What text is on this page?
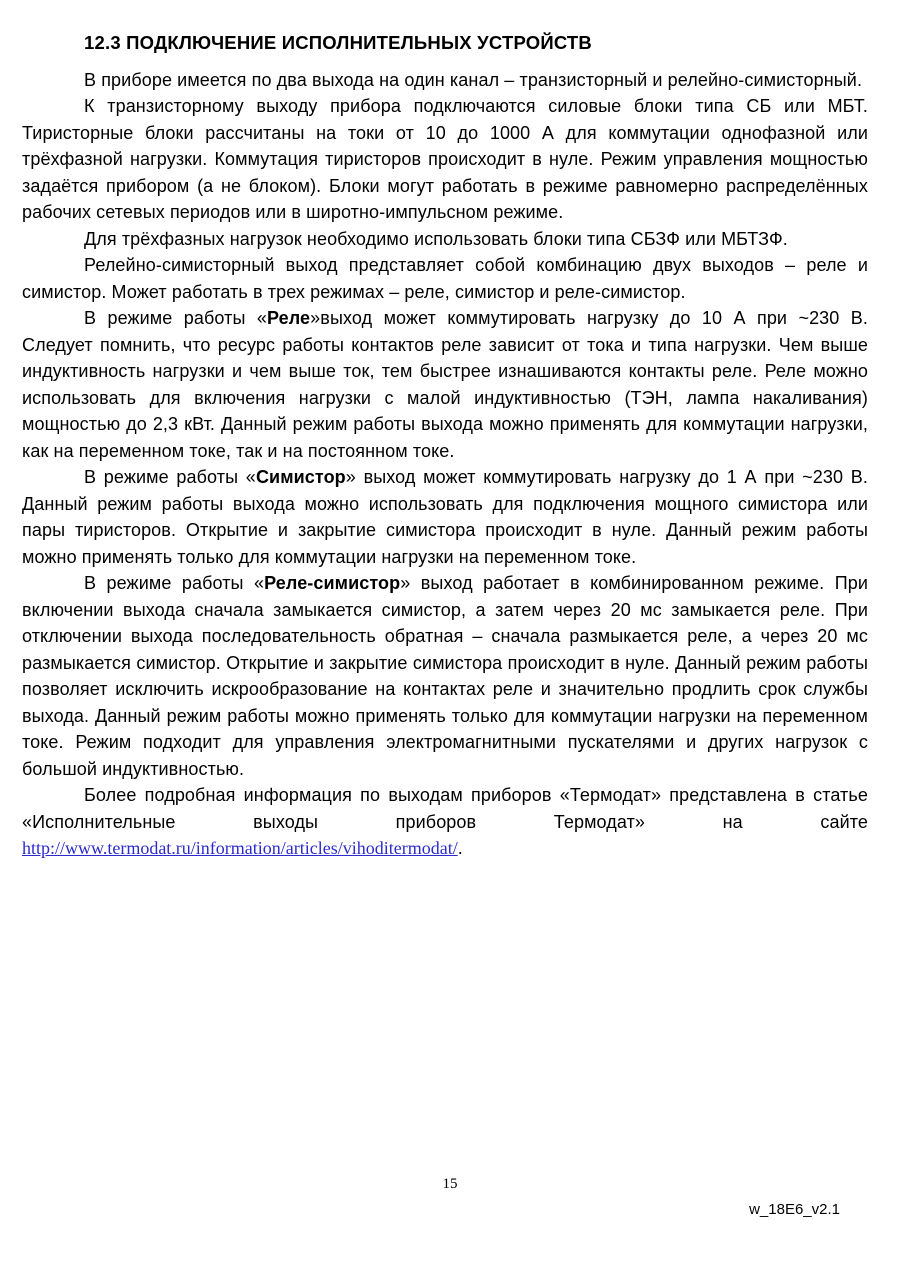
12.3 ПОДКЛЮЧЕНИЕ ИСПОЛНИТЕЛЬНЫХ УСТРОЙСТВ

В приборе имеется по два выхода на один канал – транзисторный и релейно-симисторный.

К транзисторному выходу прибора подключаются силовые блоки типа СБ или МБТ. Тиристорные блоки рассчитаны на токи от 10 до 1000 А для коммутации однофазной или трёхфазной нагрузки. Коммутация тиристоров происходит в нуле. Режим управления мощностью задаётся прибором (а не блоком). Блоки могут работать в режиме равномерно распределённых рабочих сетевых периодов или в широтно-импульсном режиме.

Для трёхфазных нагрузок необходимо использовать блоки типа СБЗФ или МБТЗФ.

Релейно-симисторный выход представляет собой комбинацию двух выходов – реле и симистор. Может работать в трех режимах – реле, симистор и реле-симистор.

В режиме работы «Реле»выход может коммутировать нагрузку до 10 А при ~230 В. Следует помнить, что ресурс работы контактов реле зависит от тока и типа нагрузки. Чем выше индуктивность нагрузки и чем выше ток, тем быстрее изнашиваются контакты реле. Реле можно использовать для включения нагрузки с малой индуктивностью (ТЭН, лампа накаливания) мощностью до 2,3 кВт. Данный режим работы выхода можно применять для коммутации нагрузки, как на переменном токе, так и на постоянном токе.

В режиме работы «Симистор» выход может коммутировать нагрузку до 1 А при ~230 В. Данный режим работы выхода можно использовать для подключения мощного симистора или пары тиристоров. Открытие и закрытие симистора происходит в нуле. Данный режим работы можно применять только для коммутации нагрузки на переменном токе.

В режиме работы «Реле-симистор» выход работает в комбинированном режиме. При включении выхода сначала замыкается симистор, а затем через 20 мс замыкается реле. При отключении выхода последовательность обратная – сначала размыкается реле, а через 20 мс размыкается симистор. Открытие и закрытие симистора происходит в нуле. Данный режим работы позволяет исключить искрообразование на контактах реле и значительно продлить срок службы выхода. Данный режим работы можно применять только для коммутации нагрузки на переменном токе. Режим подходит для управления электромагнитными пускателями и других нагрузок с большой индуктивностью.

Более подробная информация по выходам приборов «Термодат» представлена в статье «Исполнительные выходы приборов Термодат» на сайте http://www.termodat.ru/information/articles/vihoditermodat/.

15
w_18E6_v2.1
